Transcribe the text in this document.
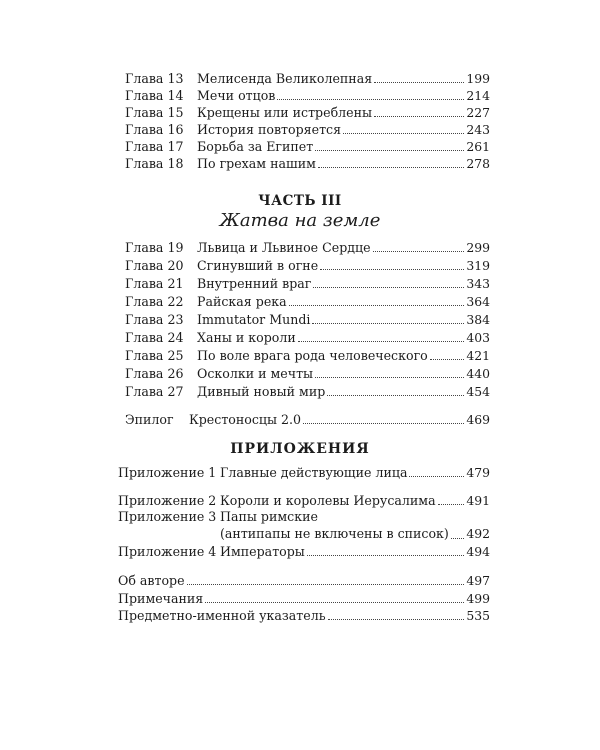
Глава 13	Мелисенда Великолепная	199
Глава 14	Мечи отцов	214
Глава 15	Крещены или истреблены	227
Глава 16	История повторяется	243
Глава 17	Борьба за Египет	261
Глава 18	По грехам нашим	278
ЧАСТЬ III
Жатва на земле
Глава 19	Львица и Львиное Сердце	299
Глава 20	Сгинувший в огне	319
Глава 21	Внутренний враг	343
Глава 22	Райская река	364
Глава 23	Immutator Mundi	384
Глава 24	Ханы и короли	403
Глава 25	По воле врага рода человеческого	421
Глава 26	Осколки и мечты	440
Глава 27	Дивный новый мир	454
Эпилог	Крестоносцы 2.0	469
ПРИЛОЖЕНИЯ
Приложение 1 Главные действующие лица	479
Приложение 2 Короли и королевы Иерусалима 491
Приложение 3 Папы римские
(антипапы не включены в список) 492
Приложение 4 Императоры	494
Об авторе	497
Примечания	499
Предметно-именной указатель	535
